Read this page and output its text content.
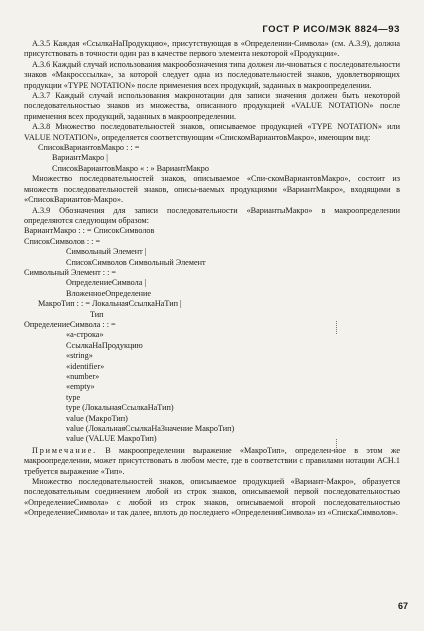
ГОСТ Р ИСО/МЭК 8824—93

А.3.5 Каждая «СсылкаНаПродукцию», присутствующая в «Определении-Символа» (см. А.3.9), должна присутствовать в точности один раз в качестве первого элемента некоторой «Продукции».

А.3.6 Каждый случай использования макрообозначения типа должен ли-чноваться с последовательности знаков «Макросссылка», за которой следует одна из последовательностей знаков, удовлетворяющих продукции «TYPE NOTATION» после применения всех продукций, заданных в макроопределении.

А.3.7 Каждый случай использования макронотации для записи значения должен быть некоторой последовательностью знаков из множества, описанного продукцией «VALUE NOTATION» после применения всех продукций, заданных в макроопределении.

А.3.8 Множество последовательностей знаков, описываемое продукцией «TYPE NOTATION» или VALUE NOTATION», определяется соответствующим «СпискомВариантовМакро», имеющим вид:

СписокВариантовМакро : : =

ВариантМакро |

СписокВариантовМакро « : » ВариантМакро

Множество последовательностей знаков, описываемое «Спи-скомВариантовМакро», состоит из множеств последовательностей знаков, описы-ваемых продукциями «ВариантМакро», входящими в «СписокВариантов-Макро».

А.3.9 Обозначения для записи последовательности «ВариантыМакро» в макроопределении определяются следующим образом:

ВариантМакро : : = СписокСимволов

СписокСимволов : : =

Символьный Элемент |

СписокСимволов Символьный Элемент

Символьный Элемент : : =

ОпределениеСимвола |

ВложенноеОпределение

МакроТип : : = ЛокальнаяСсылкаНаТип |

Тип

ОпределениеСимвола : : =

«а-строка»

СсылкаНаПродукцию

«string»

«identifier»

«number»

«empty»

type

type (ЛокальнаяСсылкаНаТип)

value (МакроТип)

value (ЛокальнаяСсылкаНаЗначение МакроТип)

value (VALUE МакроТип)

Примечание. В макроопределении выражение «МакроТип», определен-ное в этом же макроопределении, может присутствовать в любом месте, где в соответствии с правилами нотации АСН.1 требуется выражение «Тип».

Множество последовательностей знаков, описываемое продукцией «Вариант-Макро», образуется последовательным соединением любой из строк знаков, описываемой первой последовательностью «ОпределениеСимвола» с любой из строк знаков, описываемой второй последовательностью «ОпределениеСимвола» и так далее, вплоть до последнего «ОпределенияСимвола» из «СпискаСимволов».

67
